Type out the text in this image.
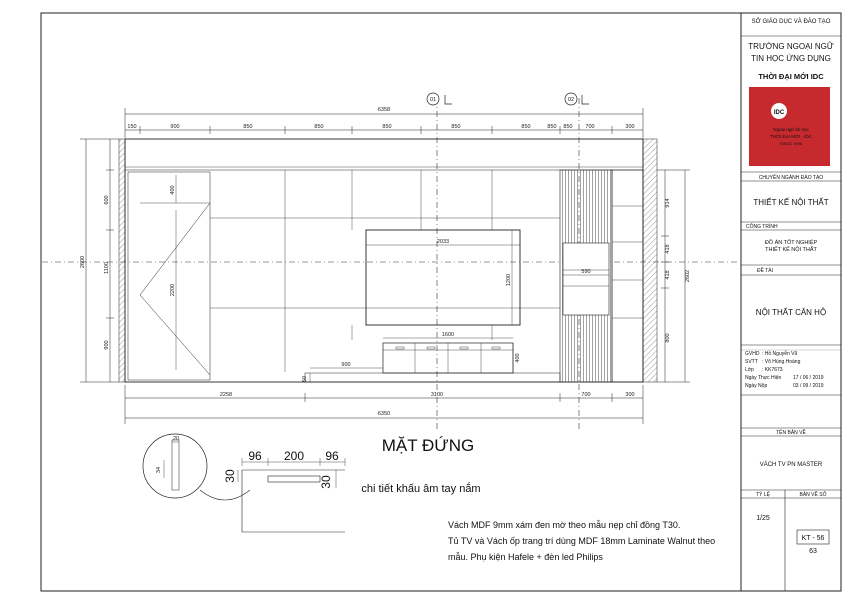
01	02
6358
150	900	850	850	850	850	850	850 850 700	300
400
2200
2033
1200
590
1600
400
50
900
2600
600
1100
900
914
418
418
800
2602
2258	3100	700	300
6350
MẶT ĐỨNG
20
34
96 200 96
30	30
chi tiết khấu âm tay nắm
Vách MDF 9mm xám đen mờ theo mẫu nẹp chỉ đồng T30.
Tủ TV và Vách ốp trang trí dùng MDF 18mm Laminate Walnut theo
mẫu. Phụ kiện Hafele + đèn led Philips
SỞ GIÁO DỤC VÀ ĐÀO TẠO
TRƯỜNG NGOẠI NGỮ
TIN HỌC ỨNG DỤNG
THỜI ĐẠI MỚI IDC
IDC
Ngoại ngữ tin học
THỜI ĐẠI MỚI - IDC
SINCE 1996
CHUYÊN NGÀNH ĐÀO TẠO
THIẾT KẾ NỘI THẤT
CÔNG TRÌNH
ĐỒ ÁN TỐT NGHIỆP
THIẾT KẾ NỘI THẤT
ĐỀ TÀI
NỘI THẤT CĂN HỘ
GVHD : Hồ Nguyễn Vũ
SVTT : Võ Hùng Hoàng
Lớp : KK7673
Ngày Thực Hiện 17 / 06 / 2019
Ngày Nộp	03 / 09 / 2019
TÊN BẢN VẼ
VÁCH TV PN MASTER
TỶ LỆ
1/25
BẢN VẼ SỐ
KT - 56
63
